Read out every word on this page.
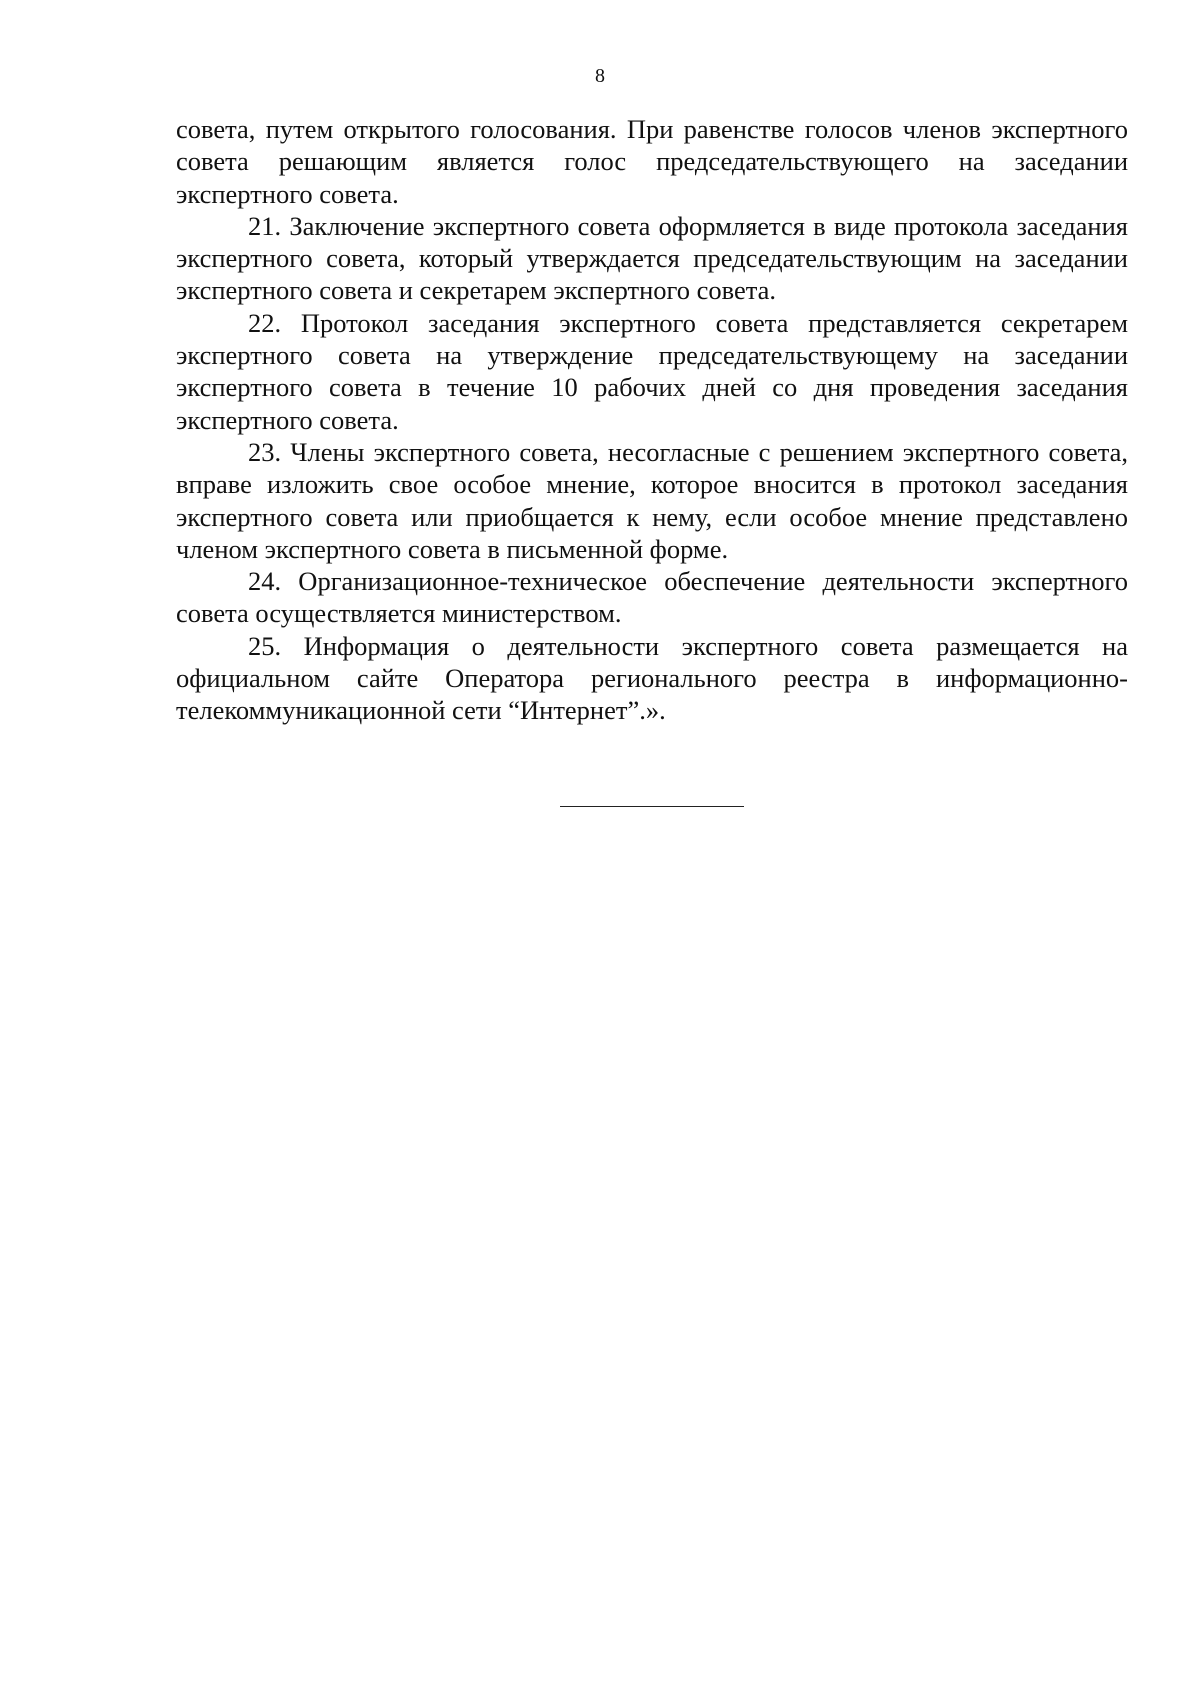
8

совета, путем открытого голосования. При равенстве голосов членов экспертного совета решающим является голос председательствующего на заседании экспертного совета.

21. Заключение экспертного совета оформляется в виде протокола заседания экспертного совета, который утверждается председательствующим на заседании экспертного совета и секретарем экспертного совета.

22. Протокол заседания экспертного совета представляется секретарем экспертного совета на утверждение председательствующему на заседании экспертного совета в течение 10 рабочих дней со дня проведения заседания экспертного совета.

23. Члены экспертного совета, несогласные с решением экспертного совета, вправе изложить свое особое мнение, которое вносится в протокол заседания экспертного совета или приобщается к нему, если особое мнение представлено членом экспертного совета в письменной форме.

24. Организационное-техническое обеспечение деятельности экспертного совета осуществляется министерством.

25. Информация о деятельности экспертного совета размещается на официальном сайте Оператора регионального реестра в информационно-телекоммуникационной сети “Интернет”.».
